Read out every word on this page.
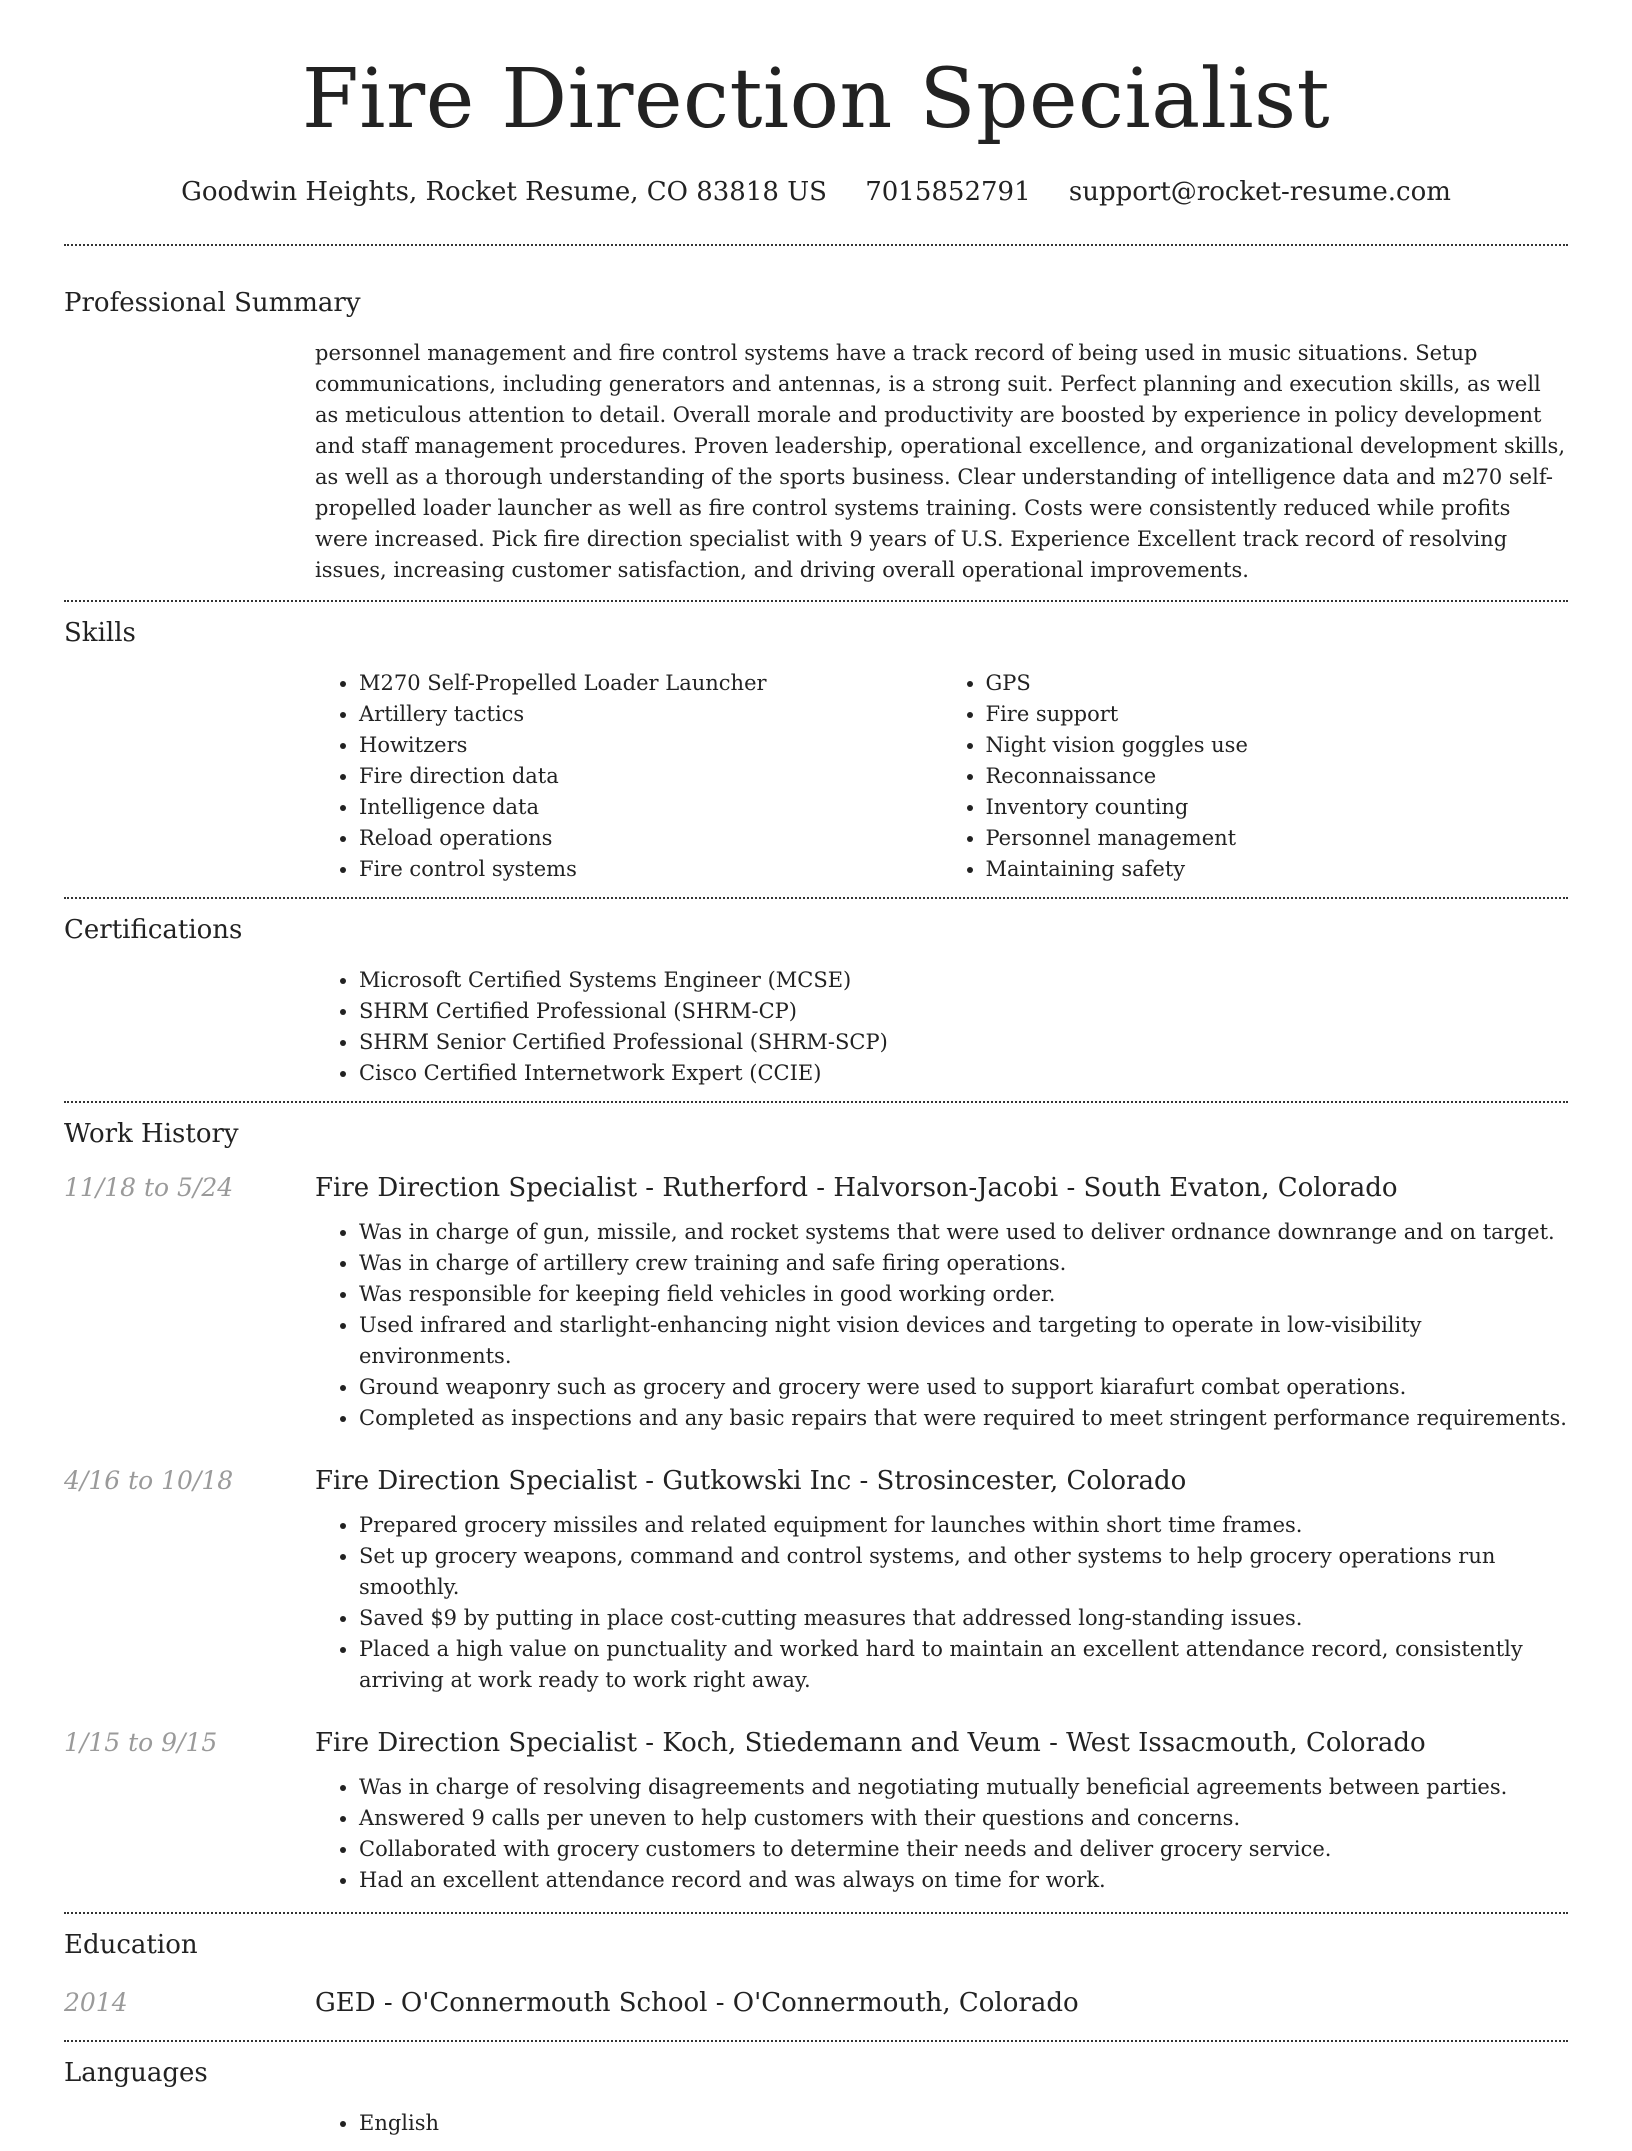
Fire Direction Specialist
Goodwin Heights, Rocket Resume, CO 83818 US 7015852791 support@rocket-resume.com
Professional Summary

personnel management and fire control systems have a track record of being used in music situations. Setup communications, including generators and antennas, is a strong suit. Perfect planning and execution skills, as well as meticulous attention to detail. Overall morale and productivity are boosted by experience in policy development and staff management procedures. Proven leadership, operational excellence, and organizational development skills, as well as a thorough understanding of the sports business. Clear understanding of intelligence data and m270 self-propelled loader launcher as well as fire control systems training. Costs were consistently reduced while profits were increased. Pick fire direction specialist with 9 years of U.S. Experience Excellent track record of resolving issues, increasing customer satisfaction, and driving overall operational improvements.

Skills
• M270 Self-Propelled Loader Launcher
• Artillery tactics
• Howitzers
• Fire direction data
• Intelligence data
• Reload operations
• Fire control systems
• GPS
• Fire support
• Night vision goggles use
• Reconnaissance
• Inventory counting
• Personnel management
• Maintaining safety
Certifications
• Microsoft Certified Systems Engineer (MCSE)
• SHRM Certified Professional (SHRM-CP)
• SHRM Senior Certified Professional (SHRM-SCP)
• Cisco Certified Internetwork Expert (CCIE)
Work History
11/18 to 5/24	Fire Direction Specialist - Rutherford - Halvorson-Jacobi - South Evaton, Colorado
• Was in charge of gun, missile, and rocket systems that were used to deliver ordnance downrange and on target.
• Was in charge of artillery crew training and safe firing operations.
• Was responsible for keeping field vehicles in good working order.
• Used infrared and starlight-enhancing night vision devices and targeting to operate in low-visibility environments.
• Ground weaponry such as grocery and grocery were used to support kiarafurt combat operations.
• Completed as inspections and any basic repairs that were required to meet stringent performance requirements.
4/16 to 10/18	Fire Direction Specialist - Gutkowski Inc - Strosincester, Colorado
• Prepared grocery missiles and related equipment for launches within short time frames.
• Set up grocery weapons, command and control systems, and other systems to help grocery operations run smoothly.
• Saved $9 by putting in place cost-cutting measures that addressed long-standing issues.
• Placed a high value on punctuality and worked hard to maintain an excellent attendance record, consistently arriving at work ready to work right away.
1/15 to 9/15	Fire Direction Specialist - Koch, Stiedemann and Veum - West Issacmouth, Colorado
• Was in charge of resolving disagreements and negotiating mutually beneficial agreements between parties.
• Answered 9 calls per uneven to help customers with their questions and concerns.
• Collaborated with grocery customers to determine their needs and deliver grocery service.
• Had an excellent attendance record and was always on time for work.
Education
2014	GED - O'Connermouth School - O'Connermouth, Colorado
Languages
• English
